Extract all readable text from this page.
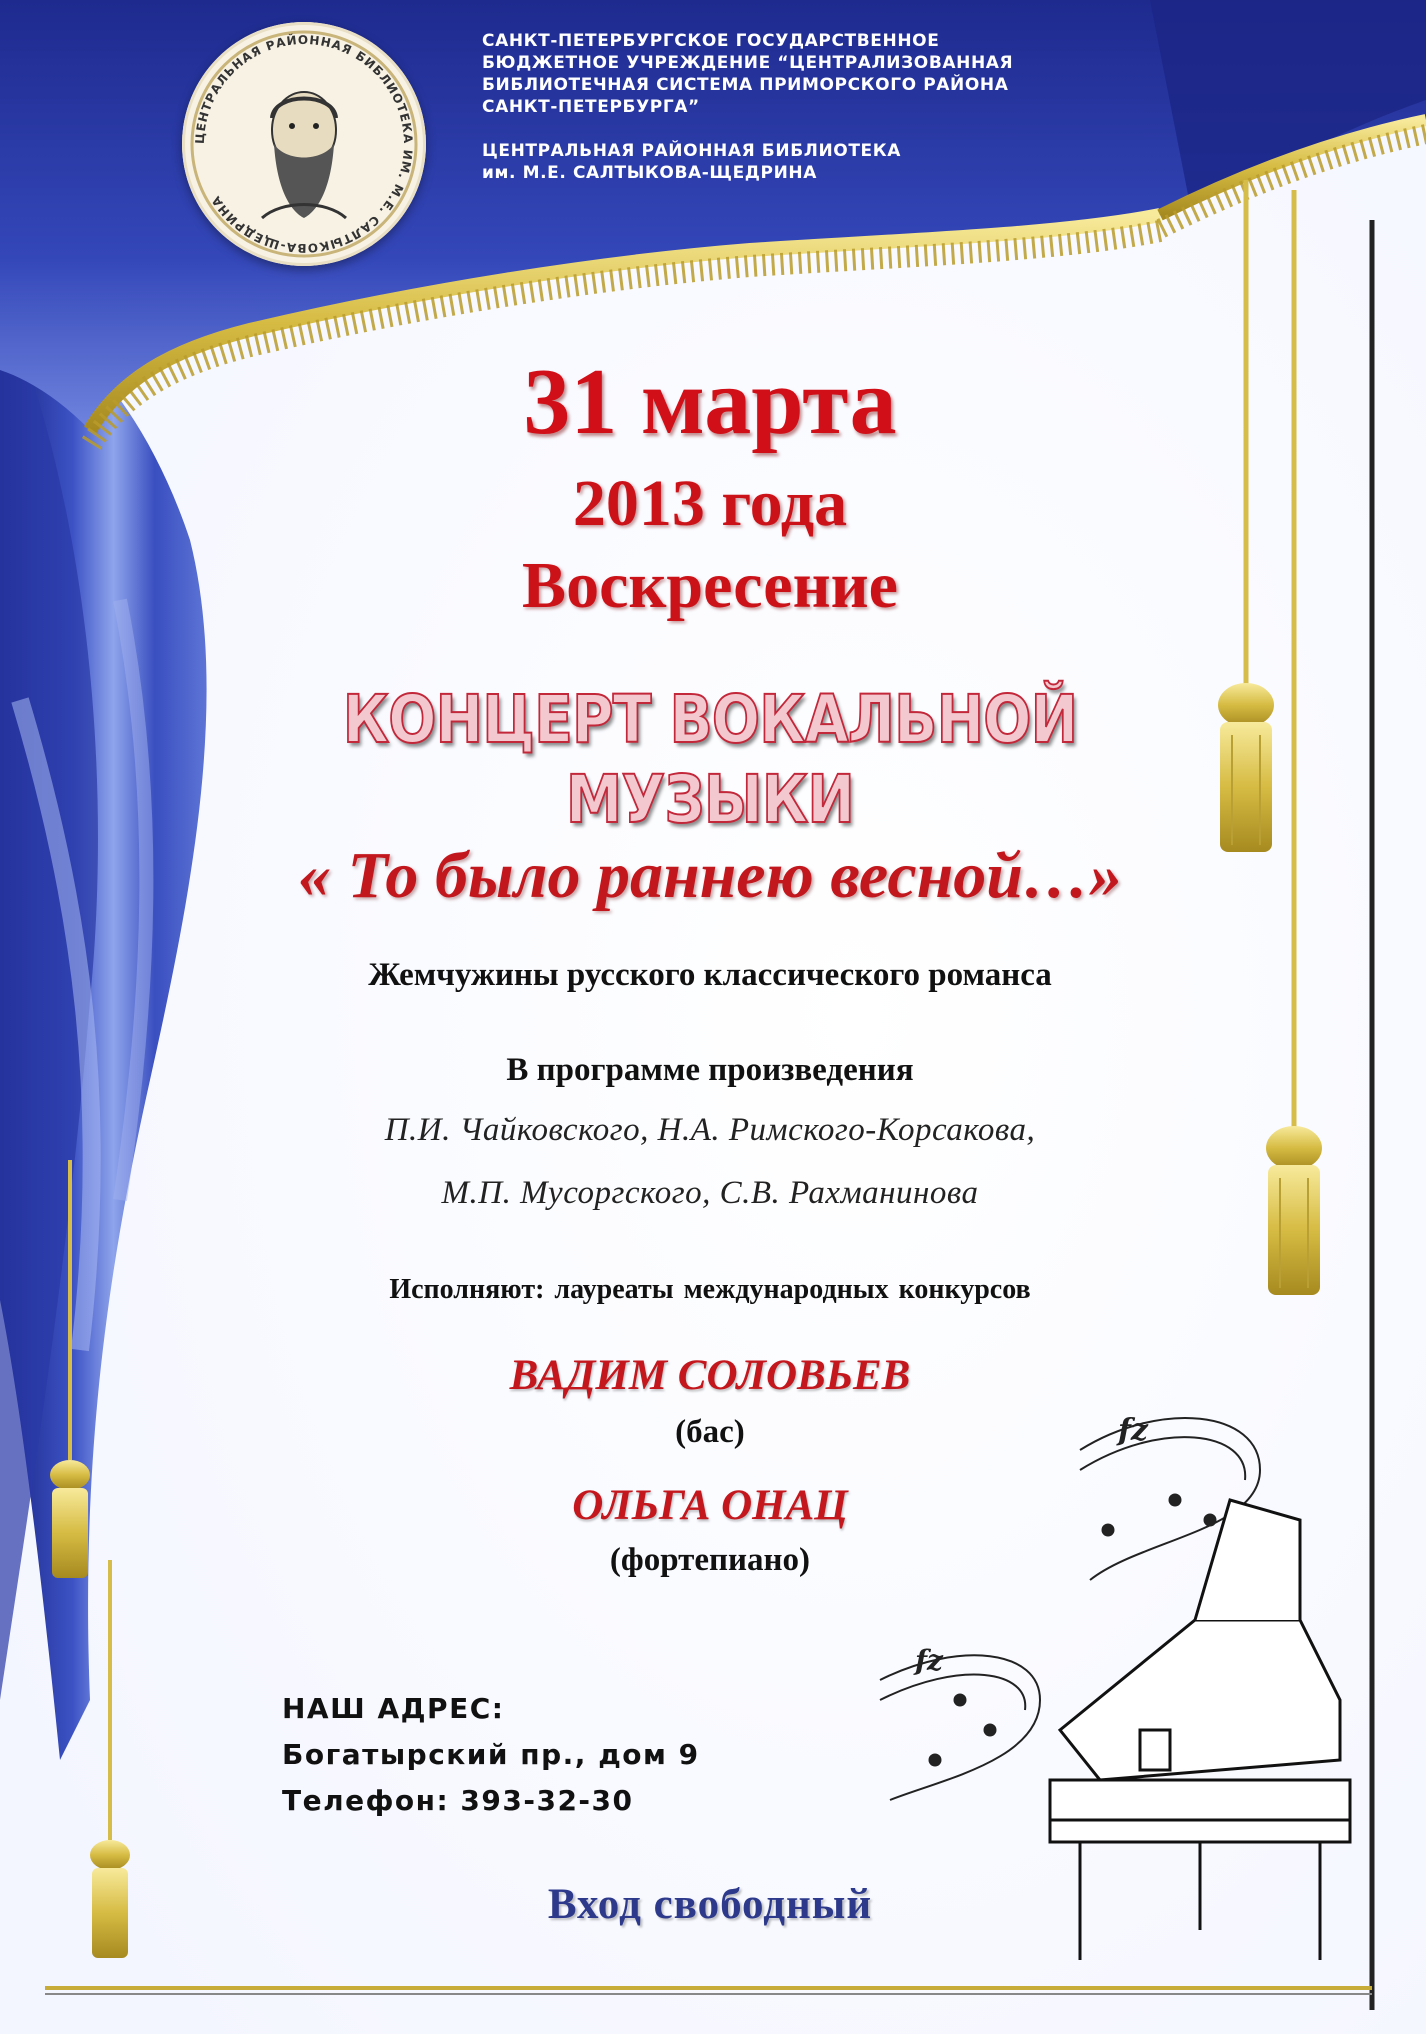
fz
fz
ЦЕНТРАЛЬНАЯ РАЙОННАЯ БИБЛИОТЕКА ИМ. М.Е. САЛТЫКОВА-ЩЕДРИНА
САНКТ-ПЕТЕРБУРГСКОЕ ГОСУДАРСТВЕННОЕ
БЮДЖЕТНОЕ УЧРЕЖДЕНИЕ “ЦЕНТРАЛИЗОВАННАЯ
БИБЛИОТЕЧНАЯ СИСТЕМА ПРИМОРСКОГО РАЙОНА
САНКТ-ПЕТЕРБУРГА”
ЦЕНТРАЛЬНАЯ РАЙОННАЯ БИБЛИОТЕКА
им. М.Е. САЛТЫКОВА-ЩЕДРИНА
31 марта
2013 года
Воскресение
КОНЦЕРТ ВОКАЛЬНОЙ МУЗЫКИ
« То было раннею весной…»
Жемчужины русского классического романса
В программе произведения
П.И. Чайковского, Н.А. Римского-Корсакова,
М.П. Мусоргского, С.В. Рахманинова
Исполняют: лауреаты международных конкурсов
ВАДИМ СОЛОВЬЕВ
(бас)
ОЛЬГА ОНАЦ
(фортепиано)
НАШ АДРЕС:
Богатырский пр., дом 9
Телефон: 393-32-30
Вход свободный
